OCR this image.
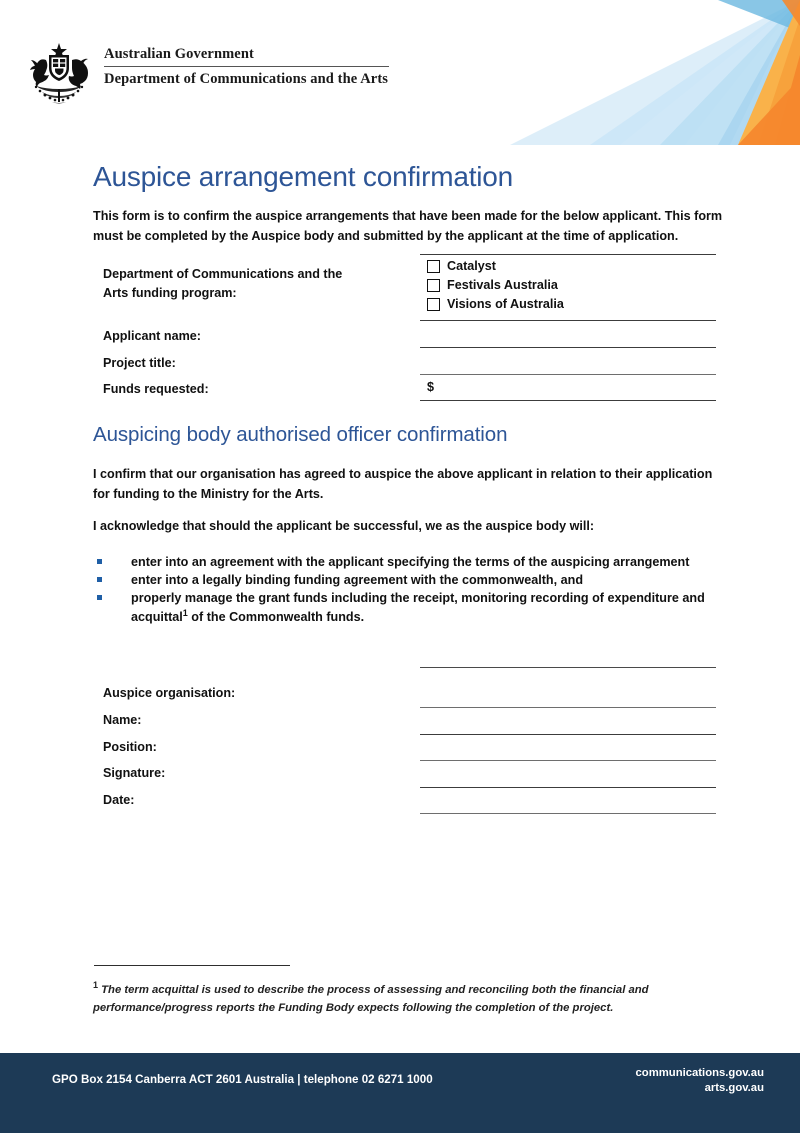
Australian Government
Department of Communications and the Arts
Auspice arrangement confirmation
This form is to confirm the auspice arrangements that have been made for the below applicant. This form must be completed by the Auspice body and submitted by the applicant at the time of application.
Department of Communications and the Arts funding program:
Catalyst
Festivals Australia
Visions of Australia
Applicant name:
Project title:
Funds requested:	$
Auspicing body authorised officer confirmation
I confirm that our organisation has agreed to auspice the above applicant in relation to their application for funding to the Ministry for the Arts.
I acknowledge that should the applicant be successful, we as the auspice body will:
enter into an agreement with the applicant specifying the terms of the auspicing arrangement
enter into a legally binding funding agreement with the commonwealth, and
properly manage the grant funds including the receipt, monitoring recording of expenditure and acquittal$^1$ of the Commonwealth funds.
Auspice organisation:
Name:
Position:
Signature:
Date:
$^1$ The term acquittal is used to describe the process of assessing and reconciling both the financial and performance/progress reports the Funding Body expects following the completion of the project.
GPO Box 2154 Canberra ACT 2601 Australia | telephone 02 6271 1000	communications.gov.au
arts.gov.au
